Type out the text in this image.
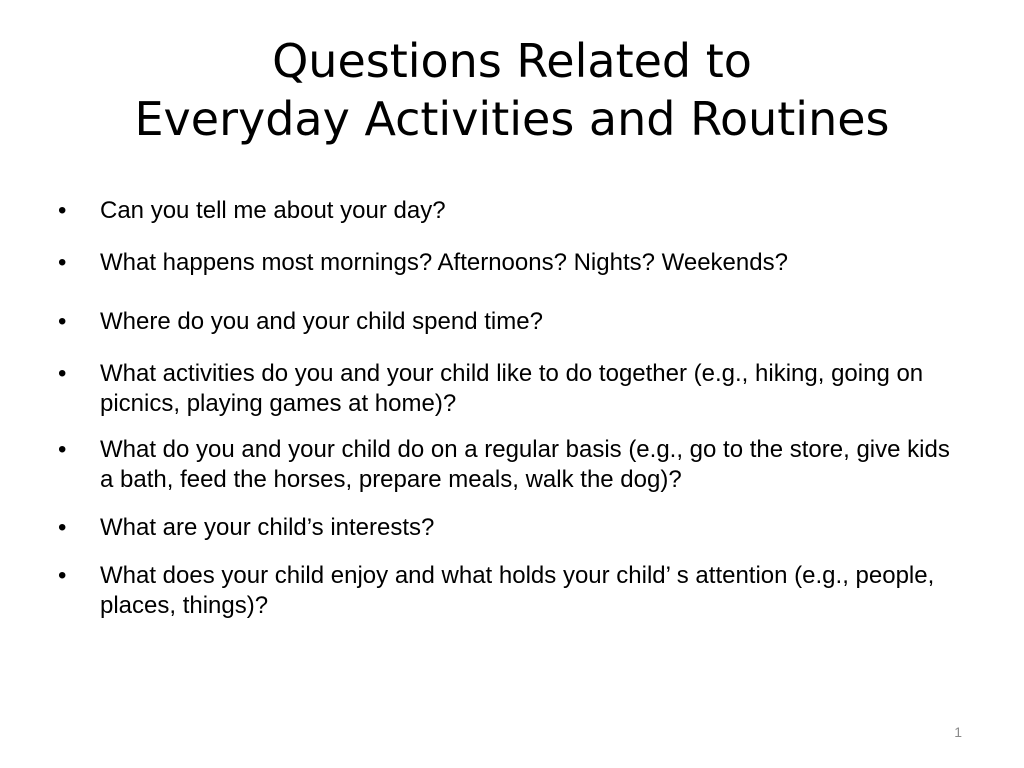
Questions Related to
Everyday Activities and Routines
•	Can you tell me about your day?
•	What happens most mornings? Afternoons? Nights? Weekends?
•	Where do you and your child spend time?
•	What activities do you and your child like to do together (e.g., hiking, going on picnics, playing games at home)?
•	What do you and your child do on a regular basis (e.g., go to the store, give kids a bath, feed the horses, prepare meals, walk the dog)?
•	What are your child’s interests?
•	What does your child enjoy and what holds your child’ s attention (e.g., people, places, things)?
1
